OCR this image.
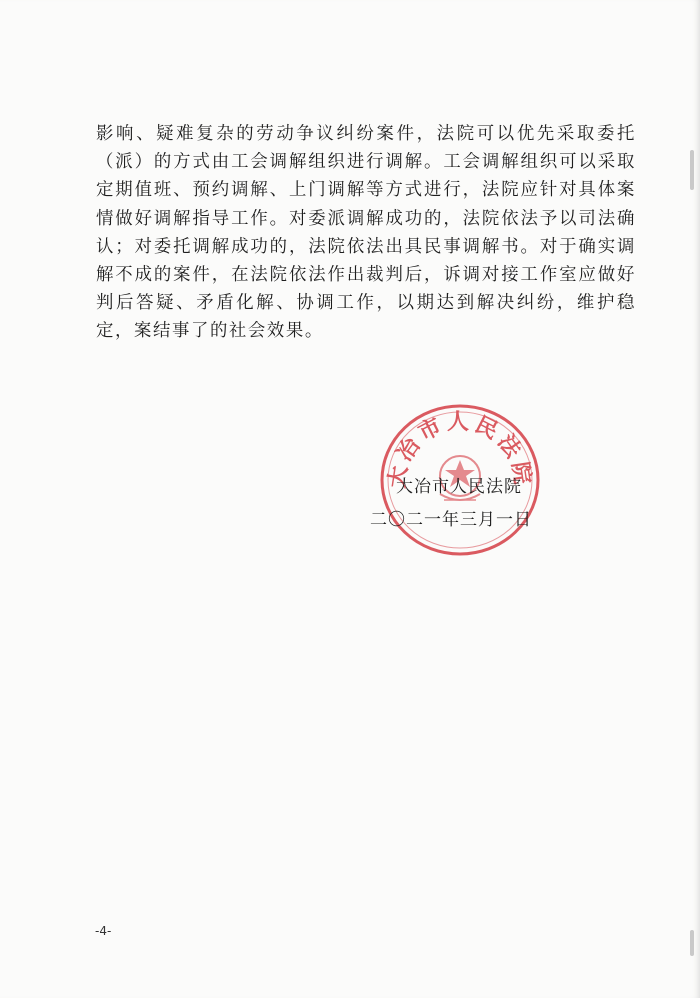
影响、疑难复杂的劳动争议纠纷案件，法院可以优先采取委托（派）的方式由工会调解组织进行调解。工会调解组织可以采取定期值班、预约调解、上门调解等方式进行，法院应针对具体案情做好调解指导工作。对委派调解成功的，法院依法予以司法确认；对委托调解成功的，法院依法出具民事调解书。对于确实调解不成的案件，在法院依法作出裁判后，诉调对接工作室应做好判后答疑、矛盾化解、协调工作，以期达到解决纠纷，维护稳定，案结事了的社会效果。

大冶市人民法院

大冶市人民法院

二〇二一年三月一日

-4-
